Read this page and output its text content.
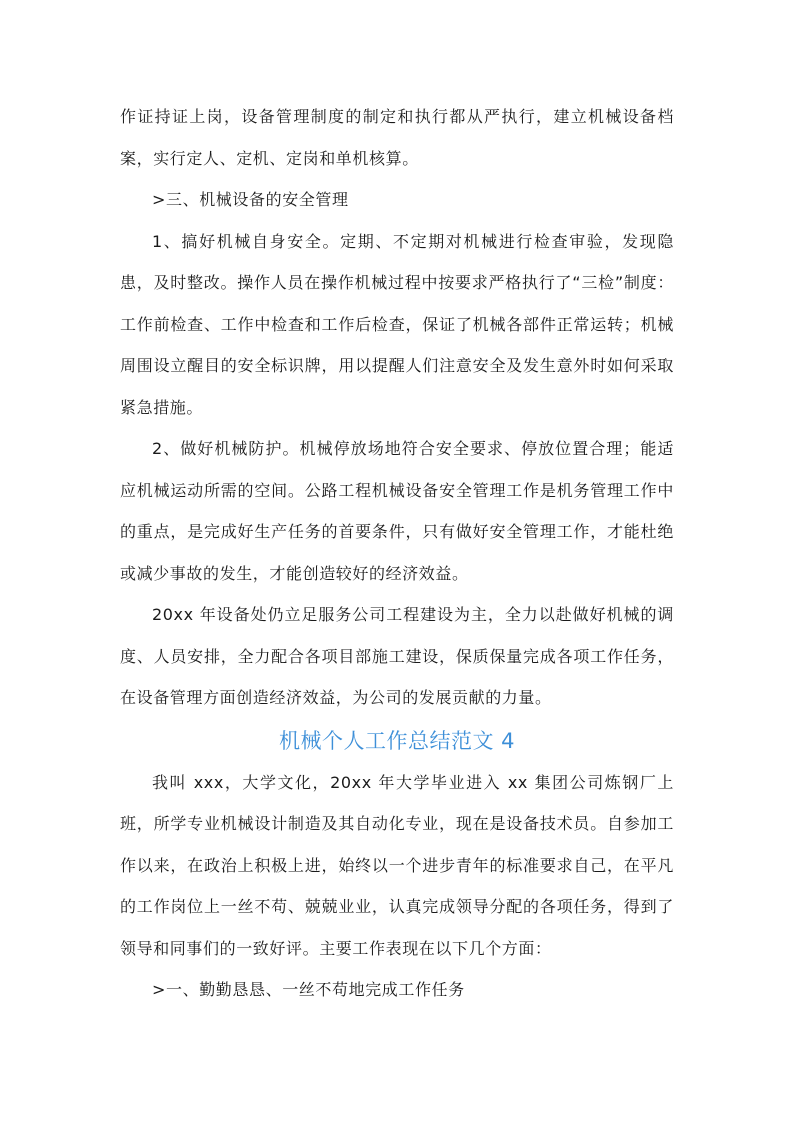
作证持证上岗，设备管理制度的制定和执行都从严执行，建立机械设备档案，实行定人、定机、定岗和单机核算。

>三、机械设备的安全管理

1、搞好机械自身安全。定期、不定期对机械进行检查审验，发现隐患，及时整改。操作人员在操作机械过程中按要求严格执行了“三检”制度：工作前检查、工作中检查和工作后检查，保证了机械各部件正常运转；机械周围设立醒目的安全标识牌，用以提醒人们注意安全及发生意外时如何采取紧急措施。

2、做好机械防护。机械停放场地符合安全要求、停放位置合理；能适应机械运动所需的空间。公路工程机械设备安全管理工作是机务管理工作中的重点，是完成好生产任务的首要条件，只有做好安全管理工作，才能杜绝或减少事故的发生，才能创造较好的经济效益。

20xx 年设备处仍立足服务公司工程建设为主，全力以赴做好机械的调度、人员安排，全力配合各项目部施工建设，保质保量完成各项工作任务，在设备管理方面创造经济效益，为公司的发展贡献的力量。

机械个人工作总结范文 4

我叫 xxx，大学文化，20xx 年大学毕业进入 xx 集团公司炼钢厂上班，所学专业机械设计制造及其自动化专业，现在是设备技术员。自参加工作以来，在政治上积极上进，始终以一个进步青年的标准要求自己，在平凡的工作岗位上一丝不苟、兢兢业业，认真完成领导分配的各项任务，得到了领导和同事们的一致好评。主要工作表现在以下几个方面：

>一、勤勤恳恳、一丝不苟地完成工作任务
